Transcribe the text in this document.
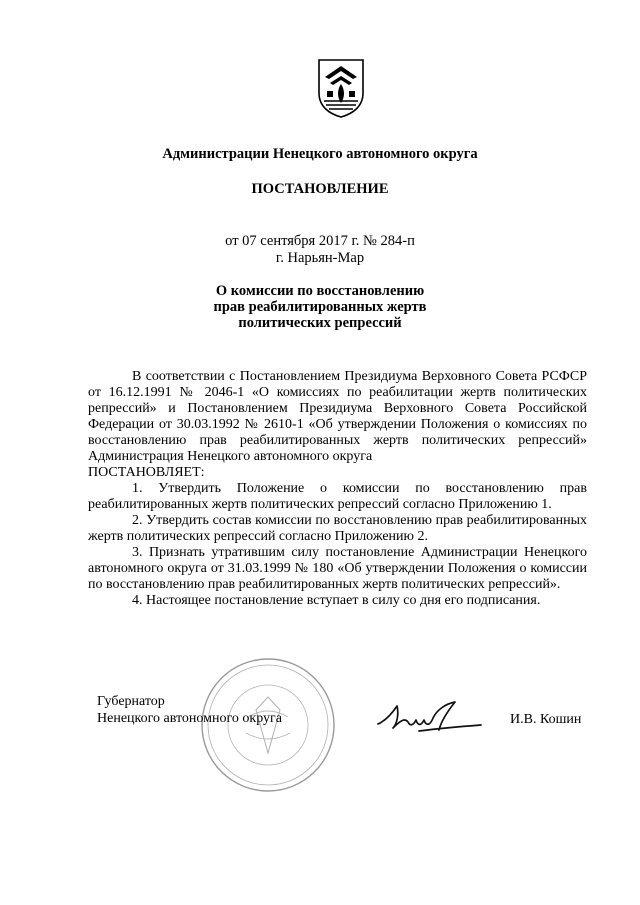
Администрации Ненецкого автономного округа
ПОСТАНОВЛЕНИЕ
от 07 сентября 2017 г. № 284-п
г. Нарьян-Мар
О комиссии по восстановлению
прав реабилитированных жертв
политических репрессий

В соответствии с Постановлением Президиума Верховного Совета РСФСР от 16.12.1991 № 2046-1 «О комиссиях по реабилитации жертв политических репрессий» и Постановлением Президиума Верховного Совета Российской Федерации от 30.03.1992 № 2610-1 «Об утверждении Положения о комиссиях по восстановлению прав реабилитированных жертв политических репрессий» Администрация Ненецкого автономного округа

ПОСТАНОВЛЯЕТ:

1. Утвердить Положение о комиссии по восстановлению прав реабилитированных жертв политических репрессий согласно Приложению 1.

2. Утвердить состав комиссии по восстановлению прав реабилитированных жертв политических репрессий согласно Приложению 2.

3. Признать утратившим силу постановление Администрации Ненецкого автономного округа от 31.03.1999 № 180 «Об утверждении Положения о комиссии по восстановлению прав реабилитированных жертв политических репрессий».

4. Настоящее постановление вступает в силу со дня его подписания.

Губернатор
Ненецкого автономного округа	И.В. Кошин
